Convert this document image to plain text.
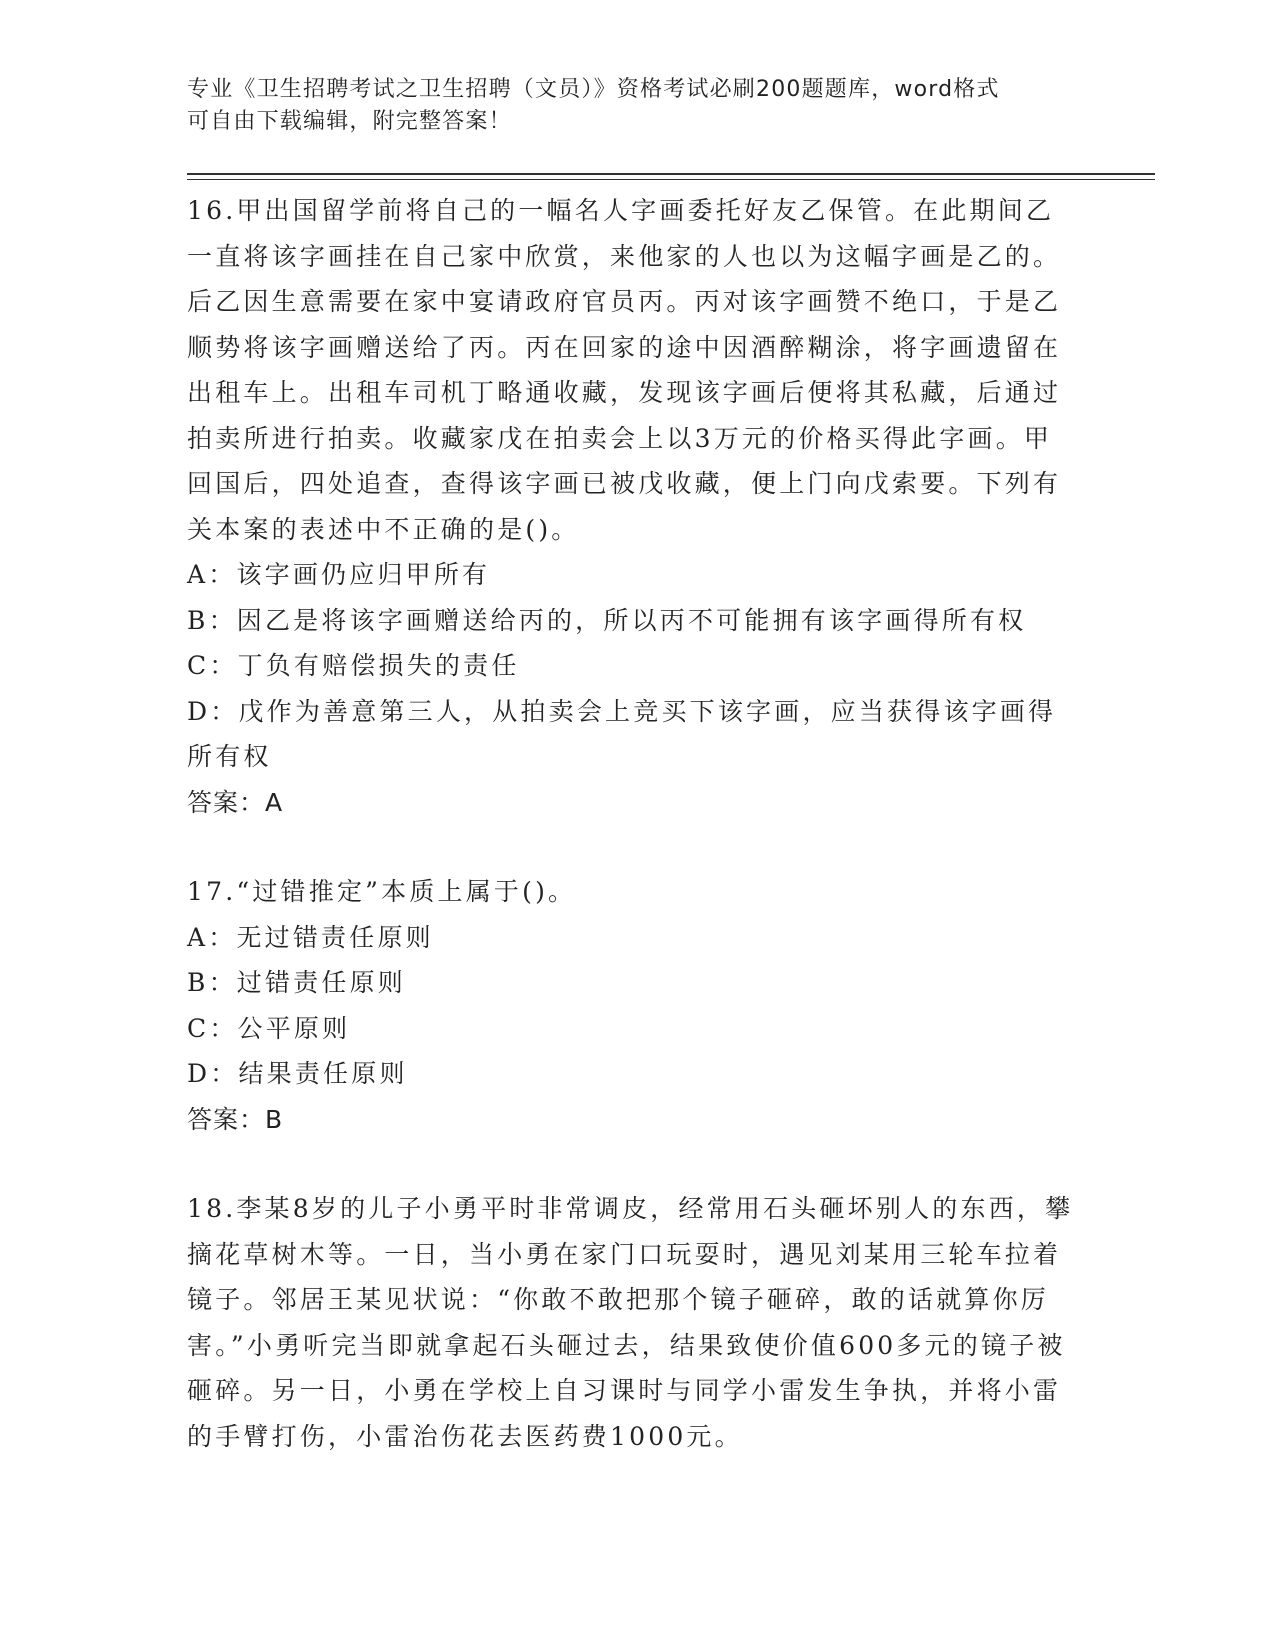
专业《卫生招聘考试之卫生招聘（文员）》资格考试必刷200题题库，word格式
可自由下载编辑，附完整答案！

16.甲出国留学前将自己的一幅名人字画委托好友乙保管。在此期间乙一直将该字画挂在自己家中欣赏，来他家的人也以为这幅字画是乙的。后乙因生意需要在家中宴请政府官员丙。丙对该字画赞不绝口，于是乙顺势将该字画赠送给了丙。丙在回家的途中因酒醉糊涂，将字画遗留在出租车上。出租车司机丁略通收藏，发现该字画后便将其私藏，后通过拍卖所进行拍卖。收藏家戊在拍卖会上以3万元的价格买得此字画。甲回国后，四处追查，查得该字画已被戊收藏，便上门向戊索要。下列有关本案的表述中不正确的是()。

A：该字画仍应归甲所有

B：因乙是将该字画赠送给丙的，所以丙不可能拥有该字画得所有权

C：丁负有赔偿损失的责任

D：戊作为善意第三人，从拍卖会上竞买下该字画，应当获得该字画得所有权

答案：A

17.“过错推定”本质上属于()。

A：无过错责任原则

B：过错责任原则

C：公平原则

D：结果责任原则

答案：B

18.李某8岁的儿子小勇平时非常调皮，经常用石头砸坏别人的东西，攀摘花草树木等。一日，当小勇在家门口玩耍时，遇见刘某用三轮车拉着镜子。邻居王某见状说：“你敢不敢把那个镜子砸碎，敢的话就算你厉害。”小勇听完当即就拿起石头砸过去，结果致使价值600多元的镜子被砸碎。另一日，小勇在学校上自习课时与同学小雷发生争执，并将小雷的手臂打伤，小雷治伤花去医药费1000元。
